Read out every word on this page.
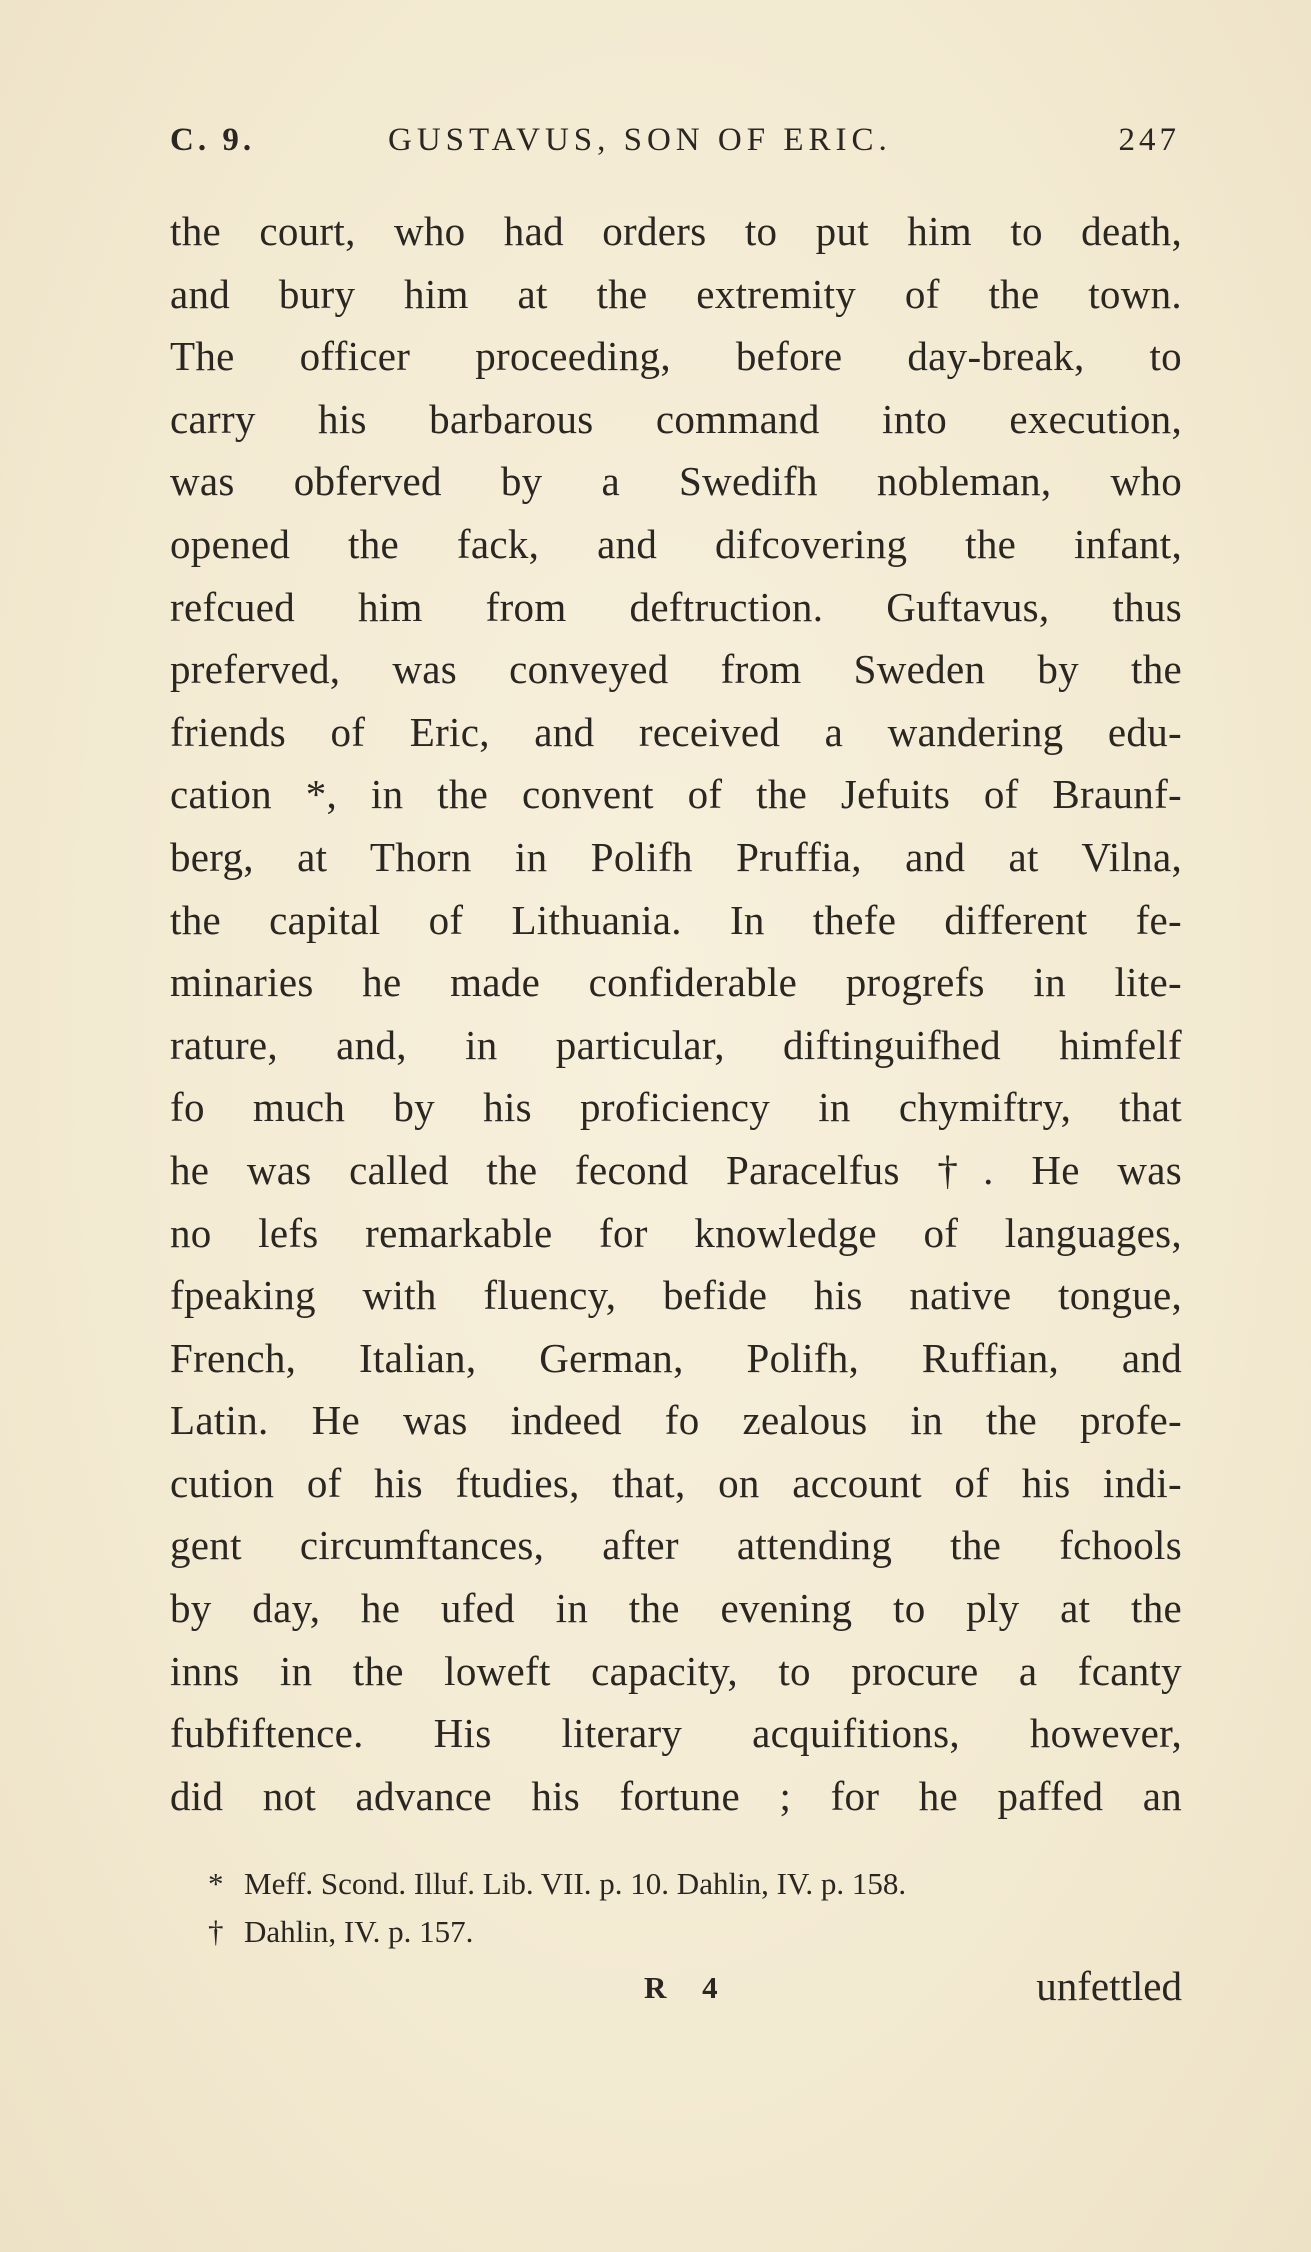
C. 9.	GUSTAVUS, SON OF ERIC.	247
the court, who had orders to put him to death,
and bury him at the extremity of the town.
The officer proceeding, before day-break, to
carry his barbarous command into execution,
was obferved by a Swedifh nobleman, who
opened the fack, and difcovering the infant,
refcued him from deftruction. Guftavus, thus
preferved, was conveyed from Sweden by the
friends of Eric, and received a wandering edu-
cation *, in the convent of the Jefuits of Braunf-
berg, at Thorn in Polifh Pruffia, and at Vilna,
the capital of Lithuania. In thefe different fe-
minaries he made confiderable progrefs in lite-
rature, and, in particular, diftinguifhed himfelf
fo much by his proficiency in chymiftry, that
he was called the fecond Paracelfus †. He was
no lefs remarkable for knowledge of languages,
fpeaking with fluency, befide his native tongue,
French, Italian, German, Polifh, Ruffian, and
Latin. He was indeed fo zealous in the profe-
cution of his ftudies, that, on account of his indi-
gent circumftances, after attending the fchools
by day, he ufed in the evening to ply at the
inns in the loweft capacity, to procure a fcanty
fubfiftence. His literary acquifitions, however,
did not advance his fortune ; for he paffed an
* Meff. Scond. Illuf. Lib. VII. p. 10. Dahlin, IV. p. 158.
† Dahlin, IV. p. 157.
R 4	unfettled
